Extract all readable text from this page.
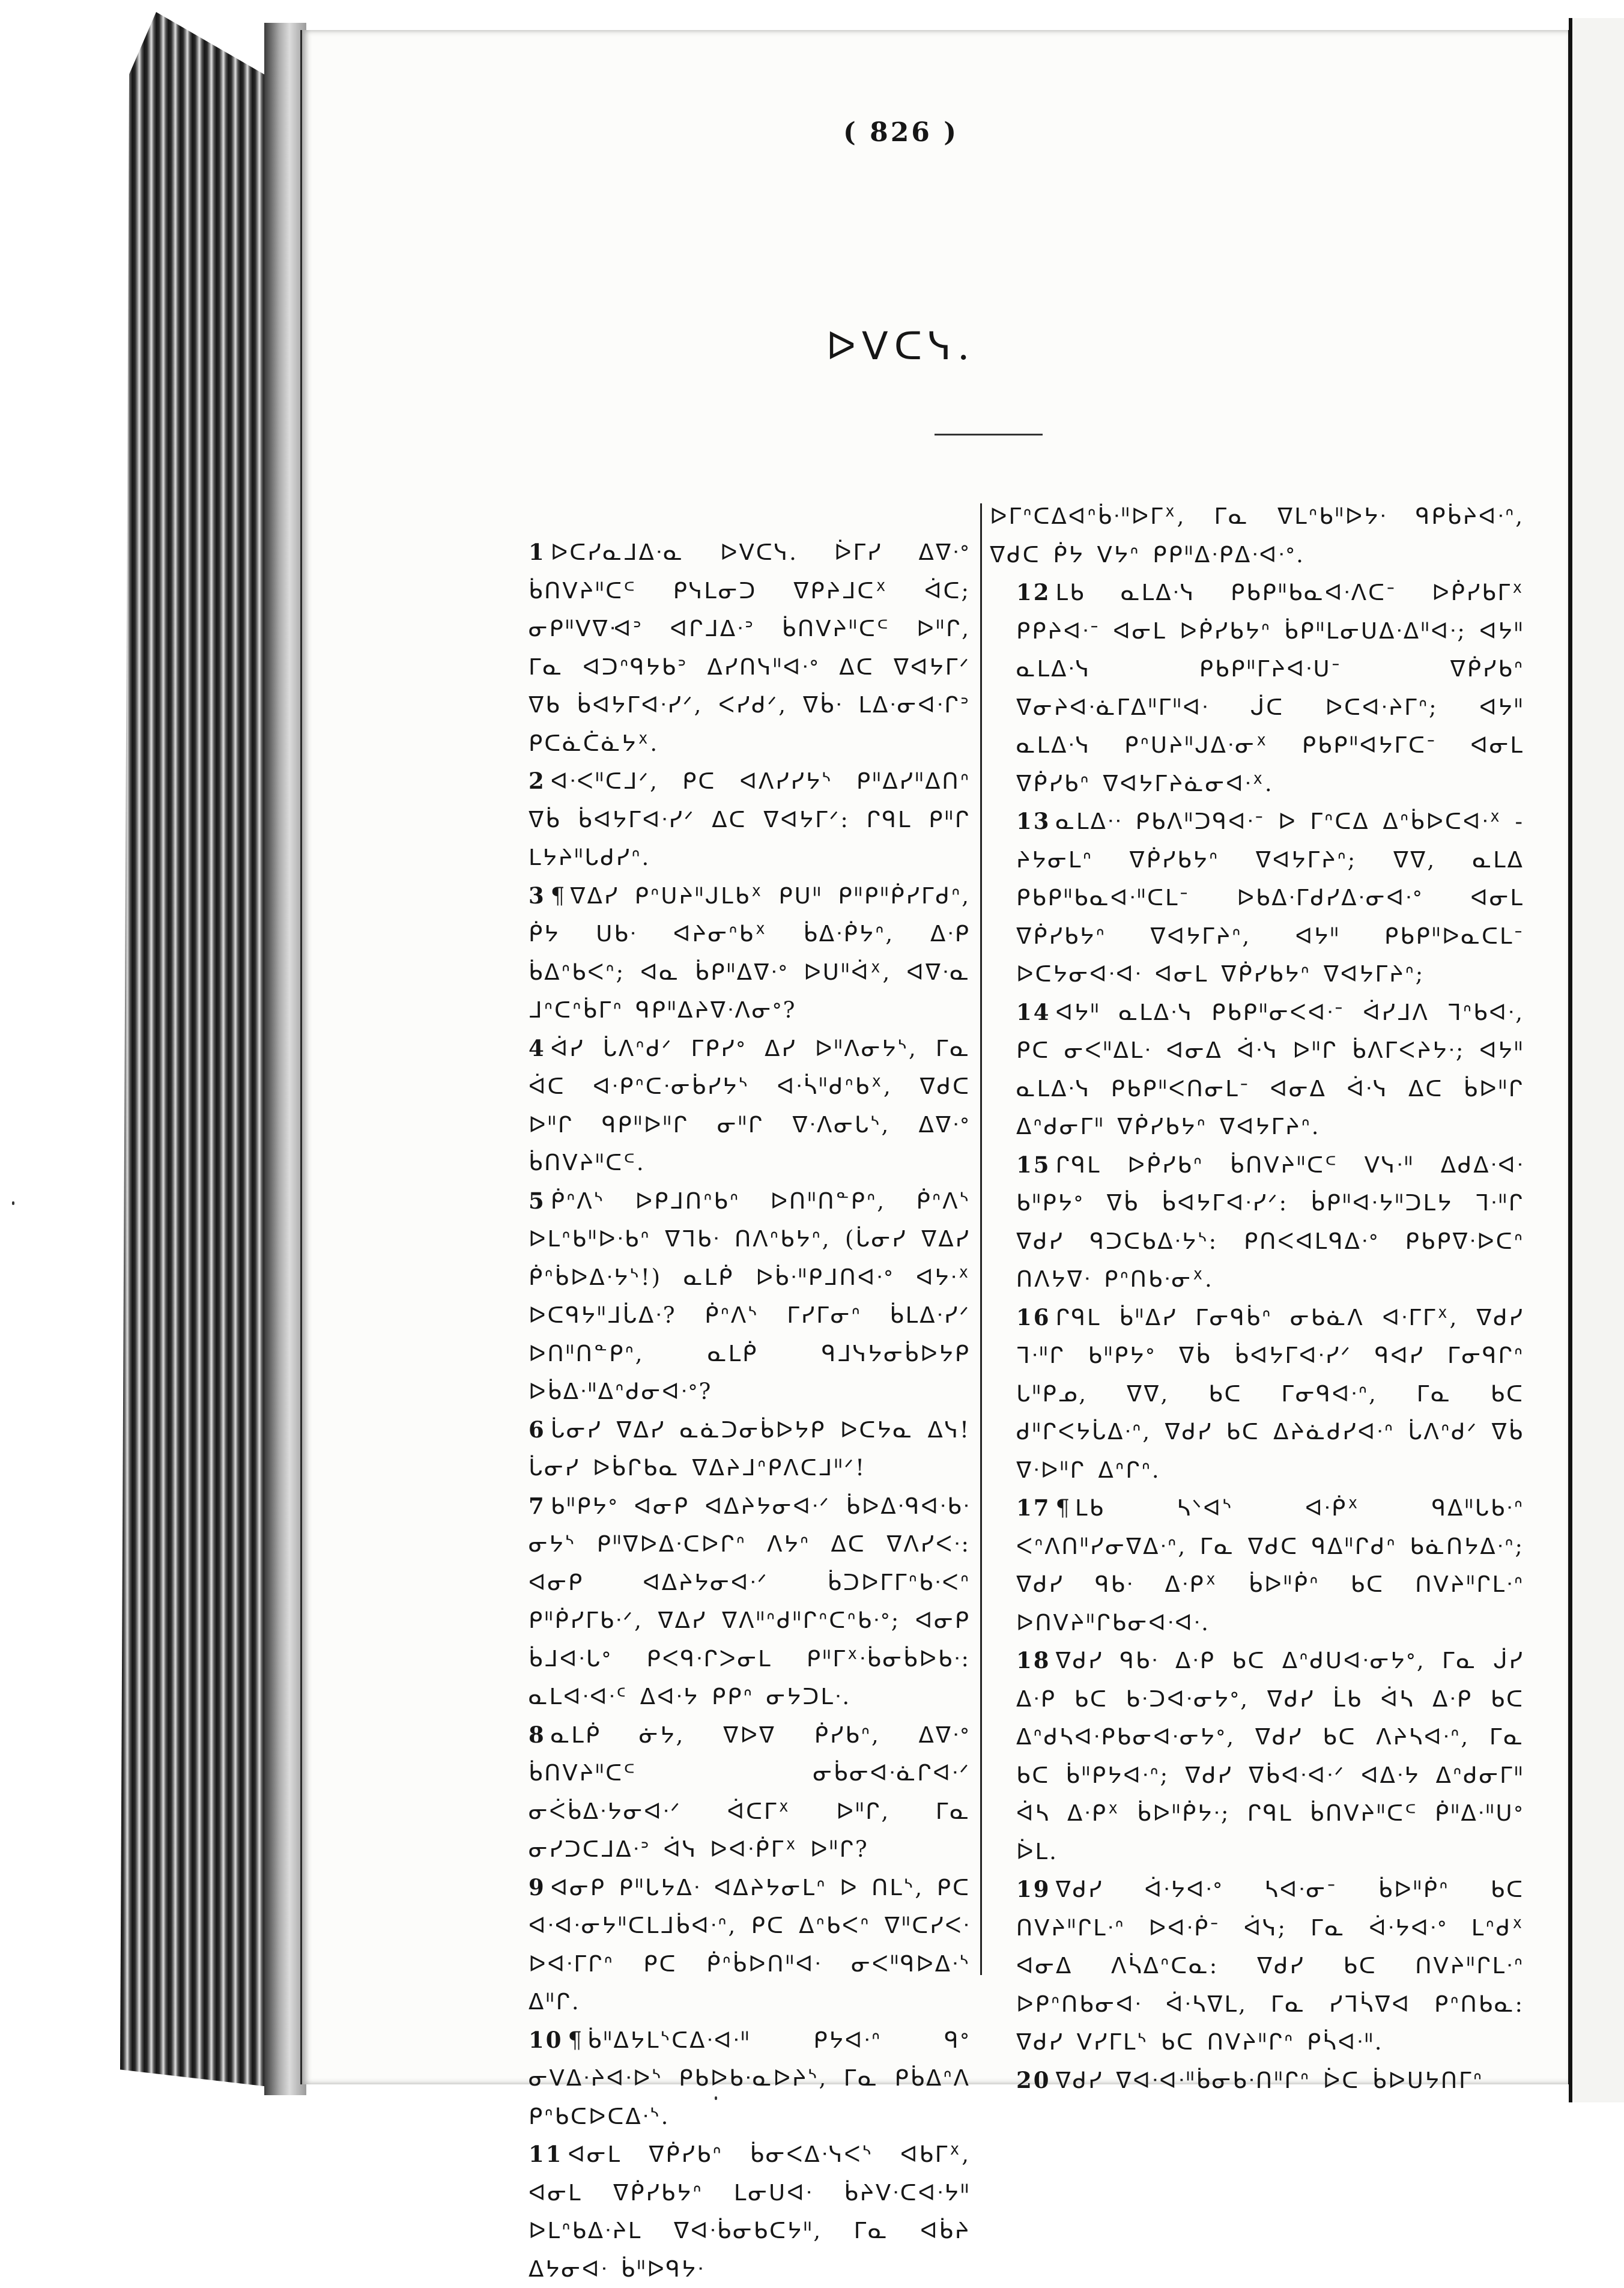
( 826 )
ᐅᐯᑕᓭ.

1 ᐅᑕᓯᓇᒧᐃᐧᓇ ᐅᐯᑕᓭ. ᐆᒥᓯ ᐃᐁᐧᐤ ᑳᑎᐯᔨᐦᑕᒼ ᑭᓭᒪᓂᑐ ᐁᑭᔨᒧᑕᕽ ᐋᑕ; ᓂᑭᐦᐯᐁᐗᐣ ᐊᒋᒧᐃᐧᐣ ᑳᑎᐯᔨᐦᑕᒼ ᐅᐦᒋ, ᒥᓇ ᐊᑐᐢᑫᔭᑲᐣ ᐃᓯᑎᓭᐦᐊᐧᐤ ᐃᑕ ᐁᐊᔭᒥᐟ ᐁᑲ ᑳᐊᔭᒥᐊᐧᓯᐟ, ᐸᓯᑯᐟ, ᐁᑳᐧ ᒪᐃᐧᓂᐊᐧᒋᐣ ᑭᑕᓈᑖᓈᔭᕽ.

2 ᐊᐧᐸᐦᑕᒧᐟ, ᑭᑕ ᐊᐱᓯᓯᔭᔅ ᑭᐦᐃᓯᐦᐃᑎᐢ ᐁᑳ ᑳᐊᔭᒥᐊᐧᓯᐟ ᐃᑕ ᐁᐊᔭᒥᐟ: ᒋᑫᒪ ᑭᐦᒋ ᒪᔭᔨᐦᒐᑯᓯᐢ.

3 ¶ ᐁᐃᓯ ᑭᐢᑌᔨᐦᒍᒪᑲᕽ ᑭᑌᐦ ᑭᐦᑭᐦᑮᓯᒥᑯᐢ, ᑮᔭ ᑌᑲᐧ ᐊᔨᓂᐢᑲᕽ ᑳᐃᐧᑮᔭᐢ, ᐃᐧᑭ ᑳᐃᐢᑲᐸᐢ; ᐊᓇ ᑳᑭᐦᐃᐁᐧᐤ ᐅᑌᐦᐋᕽ, ᐊᐁᐧᓇ ᒧᐢᑕᐢᑳᒥᐢ ᑫᑭᐦᐃᔨᐁᐧᐱᓂᐤ?

4 ᐋᓯ ᒑᐱᐢᑯᐟ ᒥᑭᓯᐤ ᐃᓯ ᐅᐦᐱᓂᔭᔅ, ᒥᓇ ᐋᑕ ᐊᐧᑭᐢᑕᐧᓂᑳᓯᔭᔅ ᐊᐧᓵᐦᑯᐢᑲᕽ, ᐁᑯᑕ ᐅᐦᒋ ᑫᑭᐦᐅᐦᒋ ᓂᐦᒋ ᐁᐧᐱᓂᒐᔅ, ᐃᐁᐧᐤ ᑳᑎᐯᔨᐦᑕᒼ.

5 ᑮᐢᐱᔅ ᐅᑭᒧᑎᐢᑲᐢ ᐅᑎᐦᑎᓐᑭᐢ, ᑮᐢᐱᔅ ᐅᒪᐢᑲᐦᐅᐧᑲᐢ ᐁᒣᑲᐧ ᑎᐱᐢᑲᔭᐢ, (ᒑᓂᓯ ᐁᐃᓯ ᑮᐢᑳᐅᐃᐧᔭᔅ!) ᓇᒪᑮ ᐅᑳᐧᐦᑭᒧᑎᐊᐧᐤ ᐊᔭᐧᕽ ᐅᑕᑫᔭᐦᒧᒑᐃᐧ? ᑮᐢᐱᔅ ᒥᓯᒥᓂᐢ ᑳᒪᐃᐧᓯᐟ ᐅᑎᐦᑎᓐᑭᐢ, ᓇᒪᑮ ᑫᒧᓭᔭᓂᑳᐅᔭᑭ ᐅᑳᐃᐧᐦᐃᐢᑯᓂᐊᐧᐤ?

6 ᒑᓂᓯ ᐁᐃᓯ ᓇᓈᑐᓂᑳᐅᔭᑭ ᐅᑕᔭᓇ ᐃᓭ! ᒑᓂᓯ ᐅᑳᒋᑲᓇ ᐁᐃᔨᒧᐢᑭᐱᑕᒧᐦᐟ!

7 ᑲᐦᑭᔭᐤ ᐊᓂᑭ ᐊᐃᔨᔭᓂᐊᐧᐟ ᑳᐅᐃᐧᑫᐊᐧᑲᐧ ᓂᔭᔅ ᑭᐦᐁᐅᐃᐧᑕᐅᒋᐢ ᐱᔭᐢ ᐃᑕ ᐁᐱᓯᐸᐧ: ᐊᓂᑭ ᐊᐃᔨᔭᓂᐊᐧᐟ ᑳᑐᐅᒥᒥᐢᑲᐧᐸᐢ ᑭᐦᑮᓯᒥᑲᐧᐟ, ᐁᐃᓯ ᐁᐱᐦᐢᑯᐦᒋᐢᑕᐢᑲᐧᐤ; ᐊᓂᑭ ᑳᒧᐊᐧᒐᐤ ᑭᐸᑫᐧᒋᐳᓂᒪ ᑭᐦᒥᕽᐧᑳᓂᑳᐅᑲᐧ: ᓇᒪᐊᐧᐊᐧᑦ ᐃᐊᐧᔭ ᑭᑭᐢ ᓂᔭᑐᒪᐧ.

8 ᓇᒪᑮ ᓃᔭ, ᐁᐅᐁ ᑮᓯᑲᐢ, ᐃᐁᐧᐤ ᑳᑎᐯᔨᐦᑕᒼ ᓂᑳᓂᐊᐧᓈᒋᐊᐧᐟ ᓂᐹᑳᐃᐧᔭᓂᐊᐧᐟ ᐋᑕᒥᕽ ᐅᐦᒋ, ᒥᓇ ᓂᓯᑐᑕᒧᐃᐧᐣ ᐋᓭ ᐅᐊᐧᑮᒥᕽ ᐅᐦᒋ?

9 ᐊᓂᑭ ᑭᐦᒐᔭᐃᐧ ᐊᐃᔨᔭᓂᒪᐢ ᐅ ᑎᒪᔅ, ᑭᑕ ᐊᐧᐊᐧᓂᔭᐦᑕᒪᒧᑳᐊᐧᐢ, ᑭᑕ ᐃᐢᑲᐸᐢ ᐁᐦᑕᓯᐸᐧ ᐅᐊᐧᒥᒋᐢ ᑭᑕ ᑮᐢᑳᐅᑎᐦᐊᐧ ᓂᐸᐦᑫᐅᐃᐧᔅ ᐃᐦᒋ.

10 ¶ ᑳᐦᐃᔭᒪᔅᑕᐃᐧᐊᐧᐦ ᑭᔭᐊᐧᐢ ᑫᐤ ᓂᐯᐃᐧᔨᐊᐧᐅᔅ ᑭᑲᐅᑲᐧᓇᐅᔨᔅ, ᒥᓇ ᑭᑳᐃᐢᐱ ᑭᐢᑲᑕᐅᑕᐃᐧᔅ.

11 ᐊᓂᒪ ᐁᑮᓯᑲᐢ ᑳᓂᐸᐃᐧᓭᐸᔅ ᐊᑲᒥᕽ, ᐊᓂᒪ ᐁᑮᓯᑲᔭᐢ ᒪᓂᑌᐊᐧ ᑳᔨᐯᐧᑕᐊᐧᔭᐦ ᐅᒪᐢᑲᐃᐧᔨᒪ ᐁᐊᐧᑳᓂᑲᑕᔭᐦ, ᒥᓇ ᐊᑳᔨ ᐃᔭᓂᐊᐧ ᑳᐦᐅᑫᔭᐧ

ᐅᒥᐢᑕᐃᐊᐢᑳᐧᐦᐅᒥᕽ, ᒥᓇ ᐁᒪᐢᑲᐦᐅᔭᐧ ᑫᑭᑳᔨᐊᐧᐢ, ᐁᑯᑕ ᑮᔭ ᐯᔭᐢ ᑭᑭᐦᐃᐧᑭᐃᐧᐊᐧᐤ.

12 ᒪᑲ ᓇᒪᐃᐧᓭ ᑭᑲᑭᐦᑲᓇᐊᐧᐱᑕᐨ ᐅᑮᓯᑲᒥᕽ ᑭᑭᔨᐊᐧᐨ ᐊᓂᒪ ᐅᑮᓯᑲᔭᐢ ᑳᑭᐦᒪᓂᑌᐃᐧᐃᐦᐊᐧ; ᐊᔭᐦ ᓇᒪᐃᐧᓭ ᑭᑲᑭᐦᒥᔨᐊᐧᑌᐨ ᐁᑮᓯᑲᐢ ᐁᓂᔨᐊᐧᓈᒥᐃᐦᒥᐦᐊᐧ ᒎᑕ ᐅᑕᐊᐧᔨᒥᐢ; ᐊᔭᐦ ᓇᒪᐃᐧᓭ ᑭᐢᑌᔨᐦᒍᐃᐧᓂᕽ ᑭᑲᑭᐦᐊᔭᒥᑕᐨ ᐊᓂᒪ ᐁᑮᓯᑲᐢ ᐁᐊᔭᒥᔨᓈᓂᐊᐧᕽ.

13 ᓇᒪᐃᐧᐧ ᑭᑲᐱᐦᑐᑫᐊᐧᐨ ᐅ ᒥᐢᑕᐃ ᐃᐢᑳᐅᑕᐊᐧᕽ - ᔨᔭᓂᒪᐢ ᐁᑮᓯᑲᔭᐢ ᐁᐊᔭᒥᔨᐢ; ᐁᐁ, ᓇᒪᐃ ᑭᑲᑭᐦᑲᓇᐊᐧᐦᑕᒪᐨ ᐅᑲᐃᐧᒥᑯᓯᐃᐧᓂᐊᐧᐤ ᐊᓂᒪ ᐁᑮᓯᑲᔭᐢ ᐁᐊᔭᒥᔨᐢ, ᐊᔭᐦ ᑭᑲᑭᐦᐅᓇᑕᒪᐨ ᐅᑕᔭᓂᐊᐧᐊᐧ ᐊᓂᒪ ᐁᑮᓯᑲᔭᐢ ᐁᐊᔭᒥᔨᐢ;

14 ᐊᔭᐦ ᓇᒪᐃᐧᓭ ᑭᑲᑭᐦᓂᐸᐊᐧᐨ ᐋᓯᒧᐱ ᒣᐢᑲᐊᐧ, ᑭᑕ ᓂᐸᐦᐃᒪᐧ ᐊᓂᐃ ᐋᐧᓭ ᐅᐦᒋ ᑳᐱᒥᐸᔨᔭᐧ; ᐊᔭᐦ ᓇᒪᐃᐧᓭ ᑭᑲᑭᐦᐸᑎᓂᒪᐨ ᐊᓂᐃ ᐋᐧᓭ ᐃᑕ ᑳᐅᐦᒋ ᐃᐢᑯᓂᒥᐦ ᐁᑮᓯᑲᔭᐢ ᐁᐊᔭᒥᔨᐢ.

15 ᒋᑫᒪ ᐅᑮᓯᑲᐢ ᑳᑎᐯᔨᐦᑕᒼ ᐯᓭᐧᐦ ᐃᑯᐃᐧᐊᐧ ᑲᐦᑭᔭᐤ ᐁᑳ ᑳᐊᔭᒥᐊᐧᓯᐟ: ᑳᑭᐦᐊᐧᔭᐦᑐᒪᔭ ᒣᐧᐦᒋ ᐁᑯᓯ ᑫᑐᑕᑲᐃᐧᔭᔅ: ᑭᑎᐸᐊᒪᑫᐃᐧᐤ ᑭᑲᑭᐁᐧᐅᑕᐢ ᑎᐱᔭᐁᐧ ᑭᐢᑎᑲᐧᓂᕽ.

16 ᒋᑫᒪ ᑳᐦᐃᓯ ᒥᓂᑫᑳᐢ ᓂᑲᓈᐱ ᐊᐧᒥᒥᕽ, ᐁᑯᓯ ᒣᐧᐦᒋ ᑲᐦᑭᔭᐤ ᐁᑳ ᑳᐊᔭᒥᐊᐧᓯᐟ ᑫᐊᓯ ᒥᓂᑫᒋᐢ ᒐᐦᑭᓄ, ᐁᐁ, ᑲᑕ ᒥᓂᑫᐊᐧᐢ, ᒥᓇ ᑲᑕ ᑯᐦᒋᐸᔭᒑᐃᐧᐢ, ᐁᑯᓯ ᑲᑕ ᐃᔨᓈᑯᓯᐊᐧᐢ ᒑᐱᐢᑯᐟ ᐁᑳ ᐁᐧᐅᐦᒋ ᐃᐢᒋᐢ.

17 ¶ ᒪᑲ ᓴᐠᐊᔅ ᐊᐧᑮᕽ ᑫᐃᐦᒐᑲᐧᐢ ᐸᐢᐱᑎᐦᓯᓂᐁᐃᐧᐢ, ᒥᓇ ᐁᑯᑕ ᑫᐃᐦᒋᑯᐢ ᑲᓈᑎᔭᐃᐧᐢ; ᐁᑯᓯ ᑫᑲᐧ ᐃᐧᑭᕽ ᑳᐅᐦᑮᐢ ᑲᑕ ᑎᐯᔨᐦᒋᒪᐧᐢ ᐅᑎᐯᔨᐦᒋᑲᓂᐊᐧᐊᐧ.

18 ᐁᑯᓯ ᑫᑲᐧ ᐃᐧᑭ ᑲᑕ ᐃᐢᑯᑌᐊᐧᓂᔭᐤ, ᒥᓇ ᒎᓯ ᐃᐧᑭ ᑲᑕ ᑲᐧᑐᐊᐧᓂᔭᐤ, ᐁᑯᓯ ᒫᑲ ᐋᓴ ᐃᐧᑭ ᑲᑕ ᐃᐢᑯᓴᐊᐧᑭᑲᓂᐊᐧᓂᔭᐤ, ᐁᑯᓯ ᑲᑕ ᐱᔨᓴᐊᐧᐢ, ᒥᓇ ᑲᑕ ᑳᐦᑭᔭᐊᐧᐢ; ᐁᑯᓯ ᐁᑳᐊᐧᐊᐧᐟ ᐊᐃᐧᔭ ᐃᐢᑯᓂᒥᐦ ᐋᓴ ᐃᐧᑭᕽ ᑳᐅᐦᑮᔭᐧ; ᒋᑫᒪ ᑳᑎᐯᔨᐦᑕᒼ ᑮᐦᐃᐧᐦᑌᐤ ᐆᒪ.

19 ᐁᑯᓯ ᐋᐧᔭᐊᐧᐤ ᓴᐊᐧᓂᐨ ᑳᐅᐦᑮᐢ ᑲᑕ ᑎᐯᔨᐦᒋᒪᐧᐢ ᐅᐊᐧᑮᐨ ᐋᓭ; ᒥᓇ ᐋᐧᔭᐊᐧᐤ ᒪᐢᑯᕽ ᐊᓂᐃ ᐱᓵᐃᐢᑕᓇ: ᐁᑯᓯ ᑲᑕ ᑎᐯᔨᐦᒋᒪᐧᐢ ᐅᑭᐢᑎᑲᓂᐊᐧ ᐋᐧᓴᐁᒪ, ᒥᓇ ᓯᒣᓵᐁᐊ ᑭᐢᑎᑲᓇ: ᐁᑯᓯ ᐯᓯᒥᒪᔅ ᑲᑕ ᑎᐯᔨᐦᒋᐢ ᑭᓵᐊᐧᐦ.

20 ᐁᑯᓯ ᐁᐊᐧᐊᐧᐦᑳᓂᑲᐧᑎᐦᒋᐢ ᐆᑕ ᑳᐅᑌᔭᑎᒥᐢ
